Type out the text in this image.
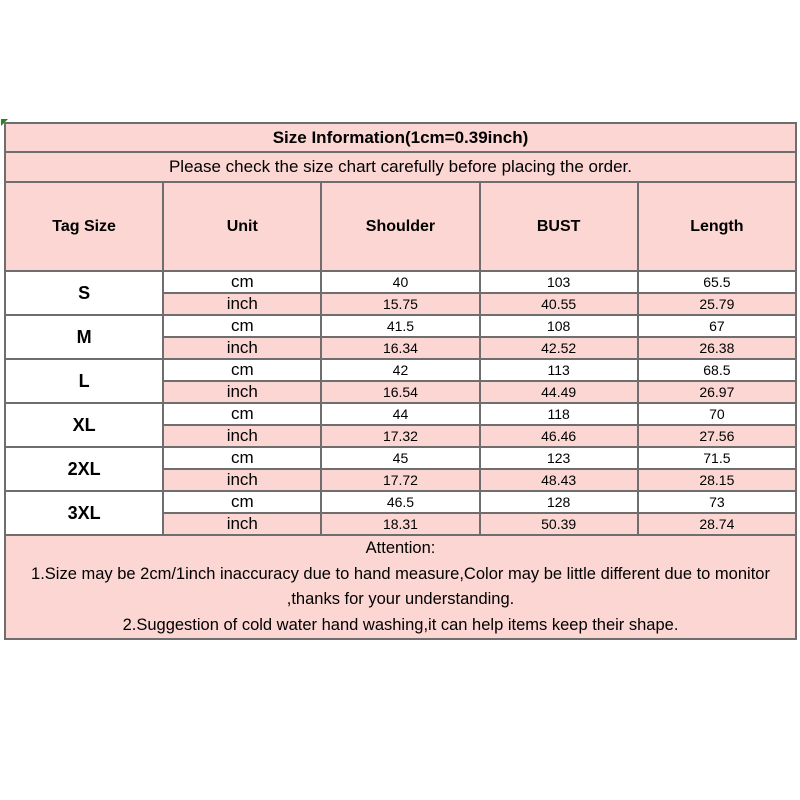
Size Information(1cm=0.39inch)				
Please check the size chart carefully before placing the order.				
Tag Size	Unit	Shoulder	BUST	Length
S	cm	40	103	65.5
	inch	15.75	40.55	25.79
M	cm	41.5	108	67
	inch	16.34	42.52	26.38
L	cm	42	113	68.5
	inch	16.54	44.49	26.97
XL	cm	44	118	70
	inch	17.32	46.46	27.56
2XL	cm	45	123	71.5
	inch	17.72	48.43	28.15
3XL	cm	46.5	128	73
	inch	18.31	50.39	28.74

Attention:
1.Size may be 2cm/1inch inaccuracy due to hand measure,Color may be little different due to monitor
,thanks for your understanding.
2.Suggestion of cold water hand washing,it can help items keep their shape.				
